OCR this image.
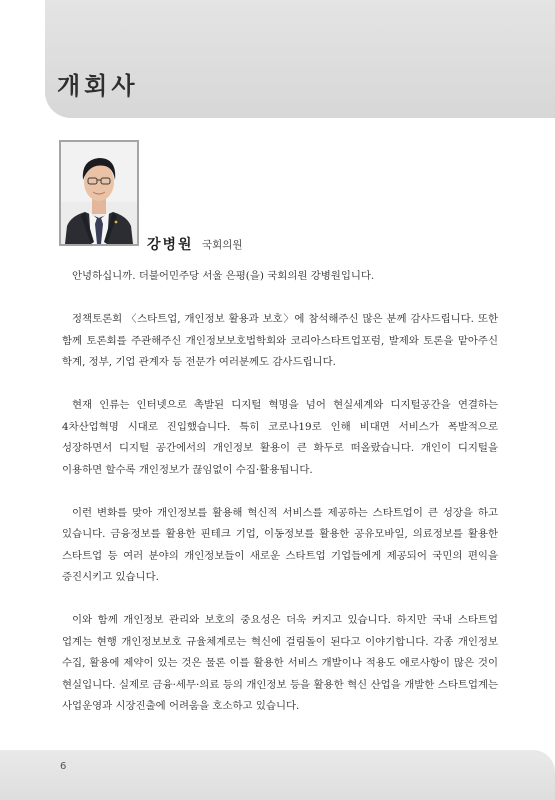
개회사
강병원 국회의원

안녕하십니까. 더불어민주당 서울 은평(을) 국회의원 강병원입니다.

정책토론회 〈스타트업, 개인정보 활용과 보호〉에 참석해주신 많은 분께 감사드립니다. 또한 함께 토론회를 주관해주신 개인정보보호법학회와 코리아스타트업포럼, 발제와 토론을 맡아주신 학계, 정부, 기업 관계자 등 전문가 여러분께도 감사드립니다.

현재 인류는 인터넷으로 촉발된 디지털 혁명을 넘어 현실세계와 디지털공간을 연결하는 4차산업혁명 시대로 진입했습니다. 특히 코로나19로 인해 비대면 서비스가 폭발적으로 성장하면서 디지털 공간에서의 개인정보 활용이 큰 화두로 떠올랐습니다. 개인이 디지털을 이용하면 할수록 개인정보가 끊임없이 수집·활용됩니다.

이런 변화를 맞아 개인정보를 활용해 혁신적 서비스를 제공하는 스타트업이 큰 성장을 하고 있습니다. 금융정보를 활용한 핀테크 기업, 이동정보를 활용한 공유모바일, 의료정보를 활용한 스타트업 등 여러 분야의 개인정보들이 새로운 스타트업 기업들에게 제공되어 국민의 편익을 증진시키고 있습니다.

이와 함께 개인정보 관리와 보호의 중요성은 더욱 커지고 있습니다. 하지만 국내 스타트업 업계는 현행 개인정보보호 규율체계로는 혁신에 걸림돌이 된다고 이야기합니다. 각종 개인정보 수집, 활용에 제약이 있는 것은 물론 이를 활용한 서비스 개발이나 적용도 애로사항이 많은 것이 현실입니다. 실제로 금융·세무·의료 등의 개인정보 등을 활용한 혁신 산업을 개발한 스타트업계는 사업운영과 시장진출에 어려움을 호소하고 있습니다.

6
